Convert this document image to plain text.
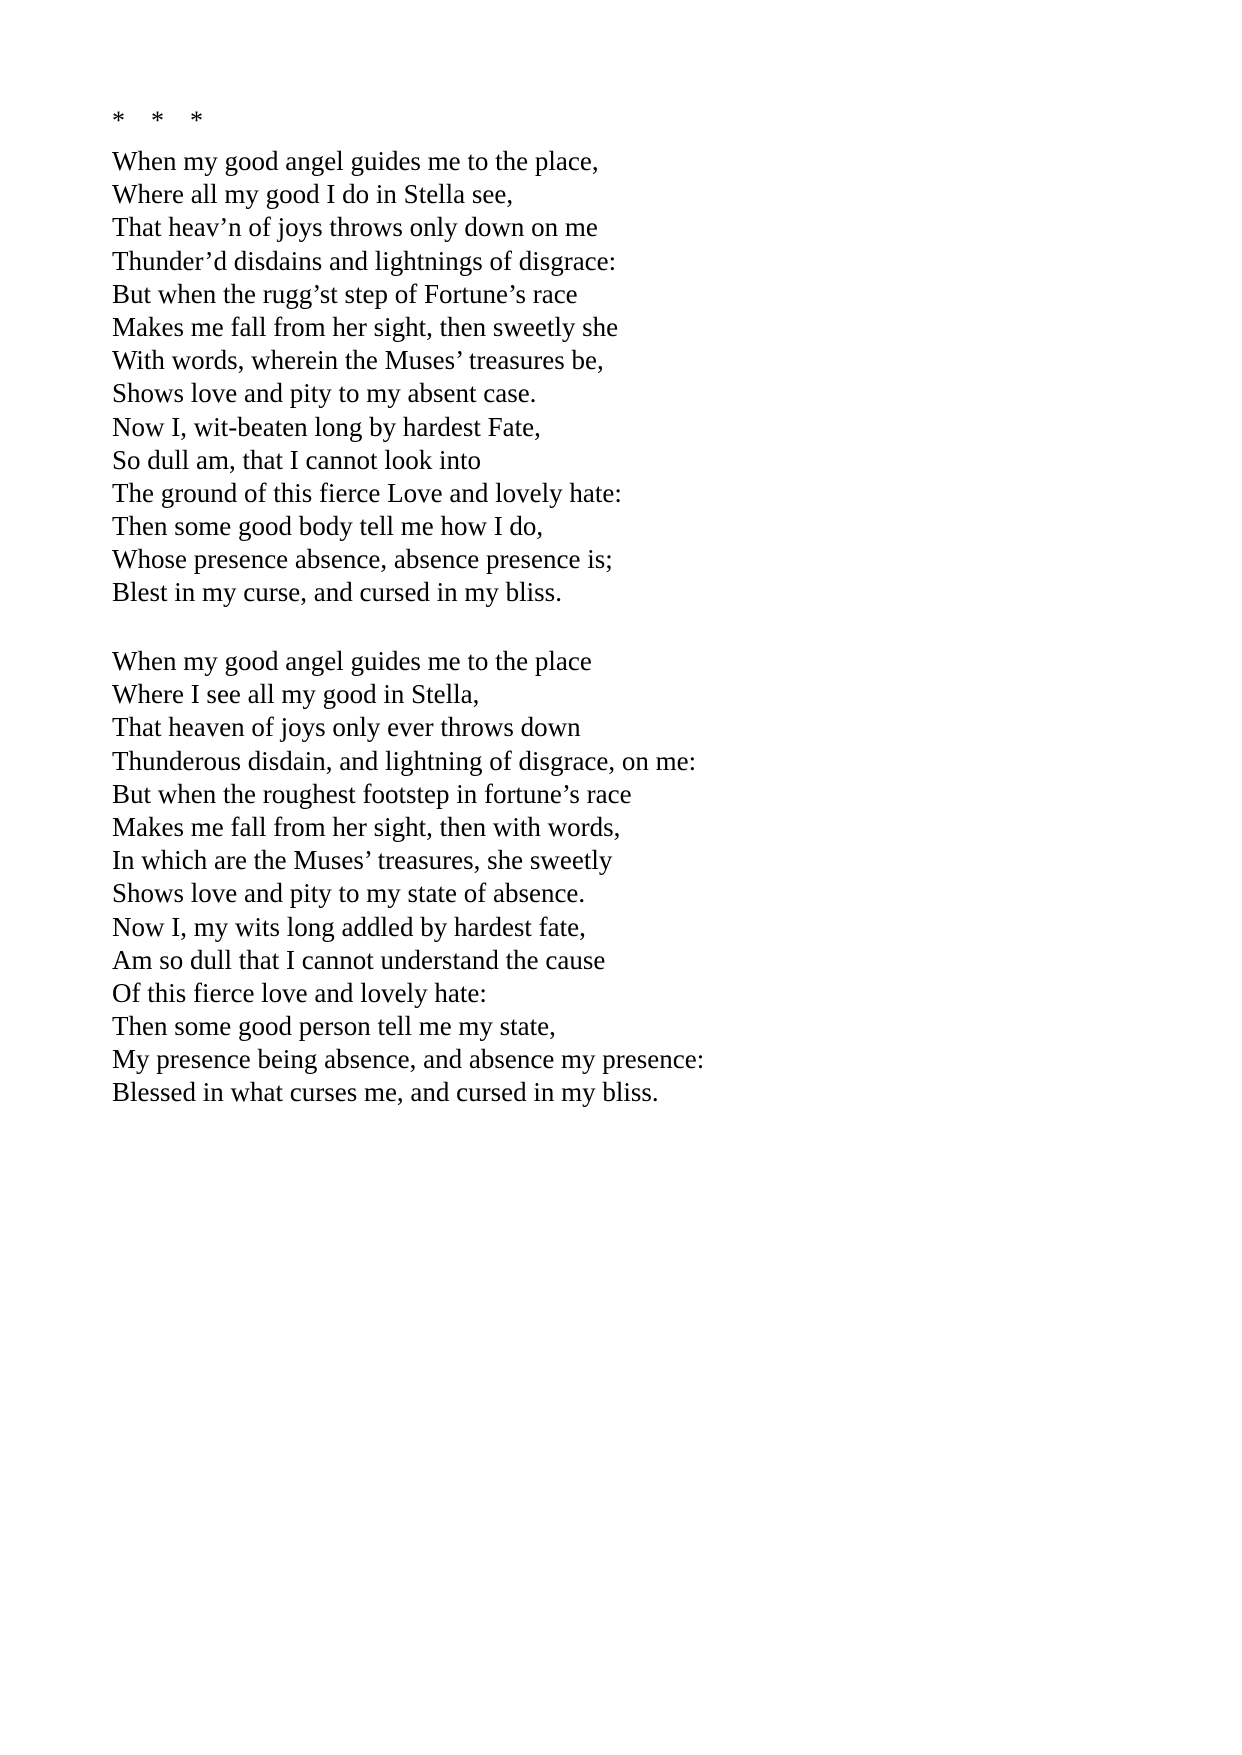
*    *    *
When my good angel guides me to the place,
Where all my good I do in Stella see,
That heav’n of joys throws only down on me
Thunder’d disdains and lightnings of disgrace:
But when the rugg’st step of Fortune’s race
Makes me fall from her sight, then sweetly she
With words, wherein the Muses’ treasures be,
Shows love and pity to my absent case.
Now I, wit-beaten long by hardest Fate,
So dull am, that I cannot look into
The ground of this fierce Love and lovely hate:
Then some good body tell me how I do,
Whose presence absence, absence presence is;
Blest in my curse, and cursed in my bliss.
When my good angel guides me to the place
Where I see all my good in Stella,
That heaven of joys only ever throws down
Thunderous disdain, and lightning of disgrace, on me:
But when the roughest footstep in fortune’s race
Makes me fall from her sight, then with words,
In which are the Muses’ treasures, she sweetly
Shows love and pity to my state of absence.
Now I, my wits long addled by hardest fate,
Am so dull that I cannot understand the cause
Of this fierce love and lovely hate:
Then some good person tell me my state,
My presence being absence, and absence my presence:
Blessed in what curses me, and cursed in my bliss.
